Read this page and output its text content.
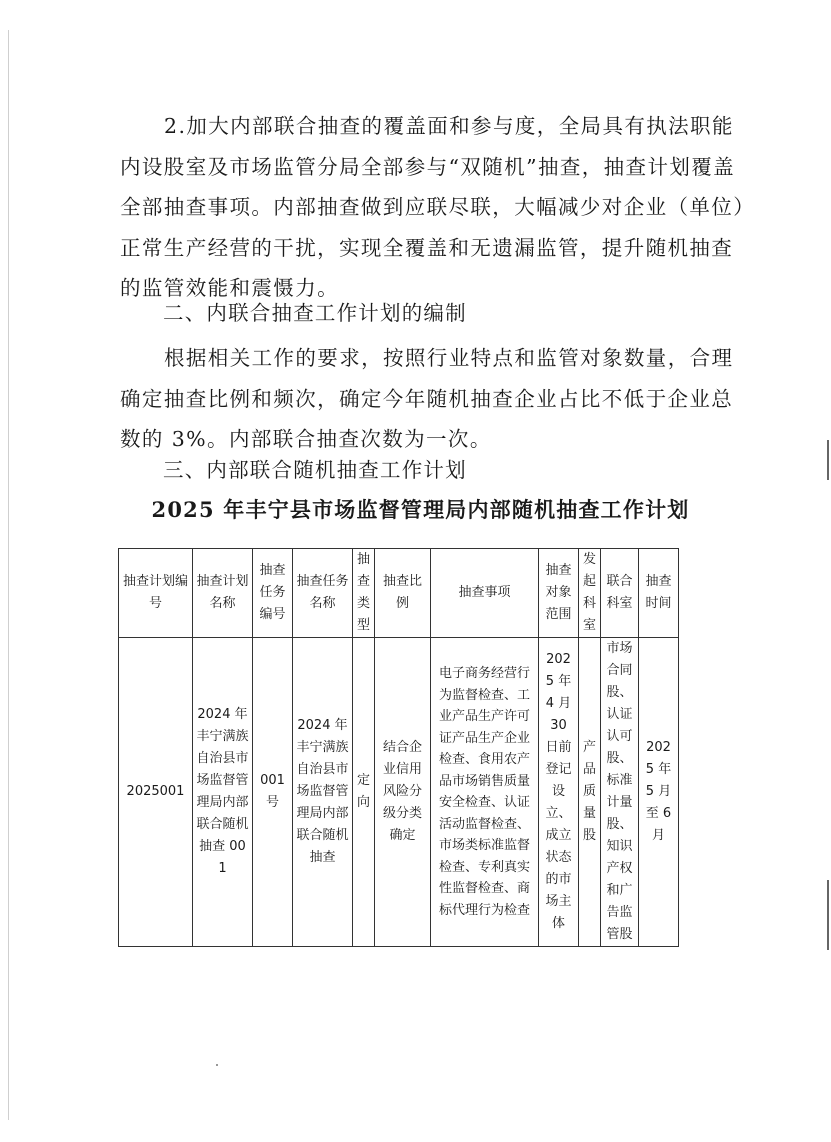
2.加大内部联合抽查的覆盖面和参与度，全局具有执法职能内设股室及市场监管分局全部参与“双随机”抽查，抽查计划覆盖全部抽查事项。内部抽查做到应联尽联，大幅减少对企业（单位）正常生产经营的干扰，实现全覆盖和无遗漏监管，提升随机抽查的监管效能和震慑力。
二、内联合抽查工作计划的编制
根据相关工作的要求，按照行业特点和监管对象数量，合理确定抽查比例和频次，确定今年随机抽查企业占比不低于企业总数的 3%。内部联合抽查次数为一次。
三、内部联合随机抽查工作计划
2025 年丰宁县市场监督管理局内部随机抽查工作计划
抽查计划编号	抽查计划名称	抽查任务编号	抽查任务名称	抽查类型	抽查比例	抽查事项	抽查对象范围	发起科室	联合科室	抽查时间
2025001	2024 年丰宁满族自治县市场监督管理局内部联合随机抽查 001	001 号	2024 年丰宁满族自治县市场监督管理局内部联合随机抽查	定向	结合企业信用风险分级分类确定	电子商务经营行为监督检查、工业产品生产许可证产品生产企业检查、食用农产品市场销售质量安全检查、认证活动监督检查、市场类标准监督检查、专利真实性监督检查、商标代理行为检查	2025 年 4 月 30 日前登记设立、成立状态的市场主体	产品质量股	市场合同股、认证认可股、标准计量股、知识产权和广告监管股	2025 年 5 月至 6 月
